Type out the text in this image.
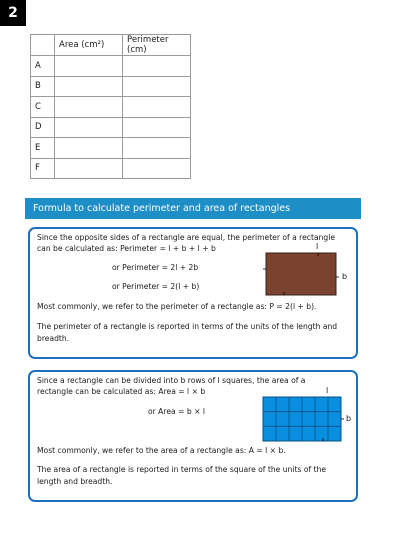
2
	Area (cm²)	Perimeter (cm)
A		
B		
C		
D		
E		
F		
Formula to calculate perimeter and area of rectangles

Since the opposite sides of a rectangle are equal, the perimeter of a rectangle

can be calculated as: Perimeter = l + b + l + b

or Perimeter = 2l + 2b

or Perimeter = 2(l + b)

Most commonly, we refer to the perimeter of a rectangle as: P = 2(l + b).

The perimeter of a rectangle is reported in terms of the units of the length and

breadth.

l
b

Since a rectangle can be divided into b rows of l squares, the area of a

rectangle can be calculated as: Area = l × b

or Area = b × l

Most commonly, we refer to the area of a rectangle as: A = l × b.

The area of a rectangle is reported in terms of the square of the units of the

length and breadth.

l
b
